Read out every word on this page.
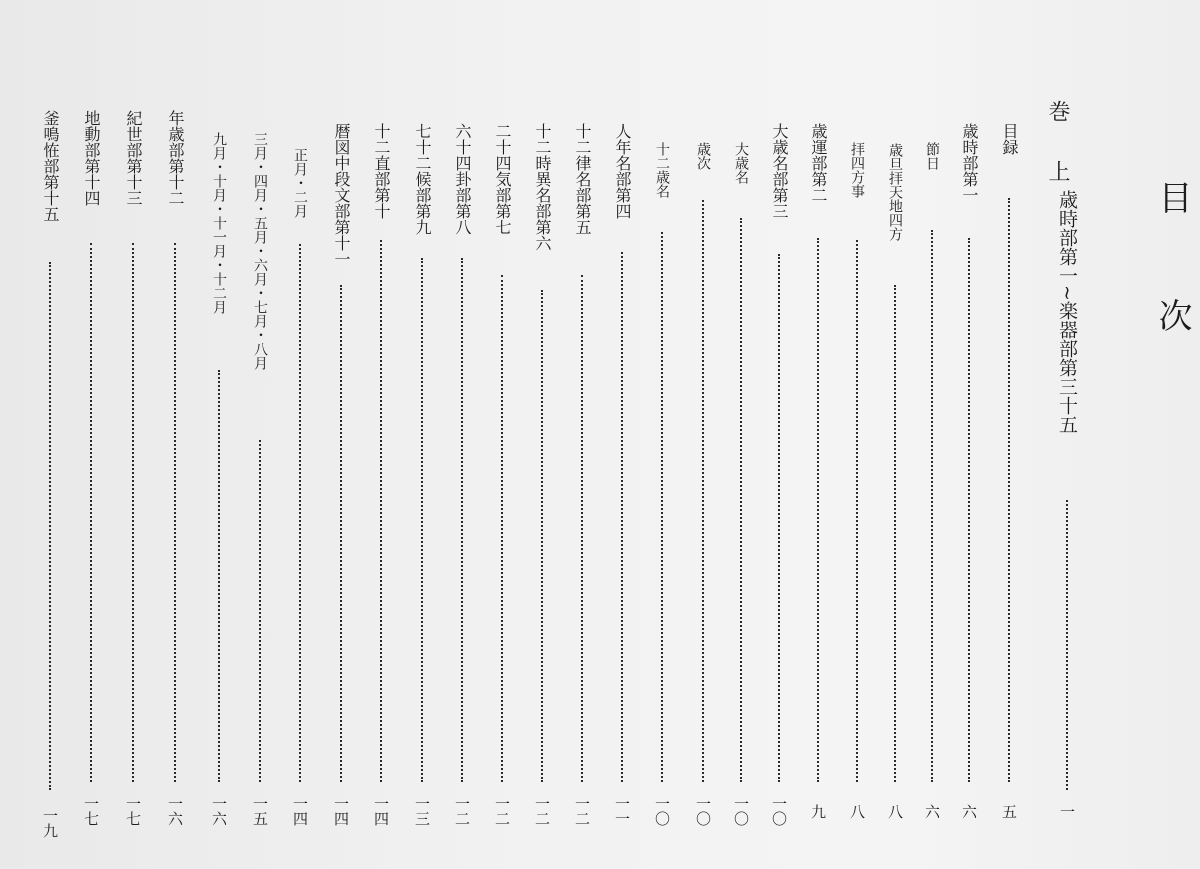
目次
巻上
歳時部第一~楽器部第三十五
一
目録
五
歳時部第一
六
節日
六
歳旦拝天地四方
八
拝四方事
八
歳運部第二
九
大歳名部第三
一〇
大歳名
一〇
歳次
一〇
十二歳名
一〇
人年名部第四
一一
十二律名部第五
一二
十二時異名部第六
一二
二十四気部第七
一二
六十四卦部第八
一二
七十二候部第九
一三
十二直部第十
一四
暦図中段文部第十一
一四
正月・二月
一四
三月・四月・五月・六月・七月・八月
一五
九月・十月・十一月・十二月
一六
年歳部第十二
一六
紀世部第十三
一七
地動部第十四
一七
釜鳴恠部第十五
一九
